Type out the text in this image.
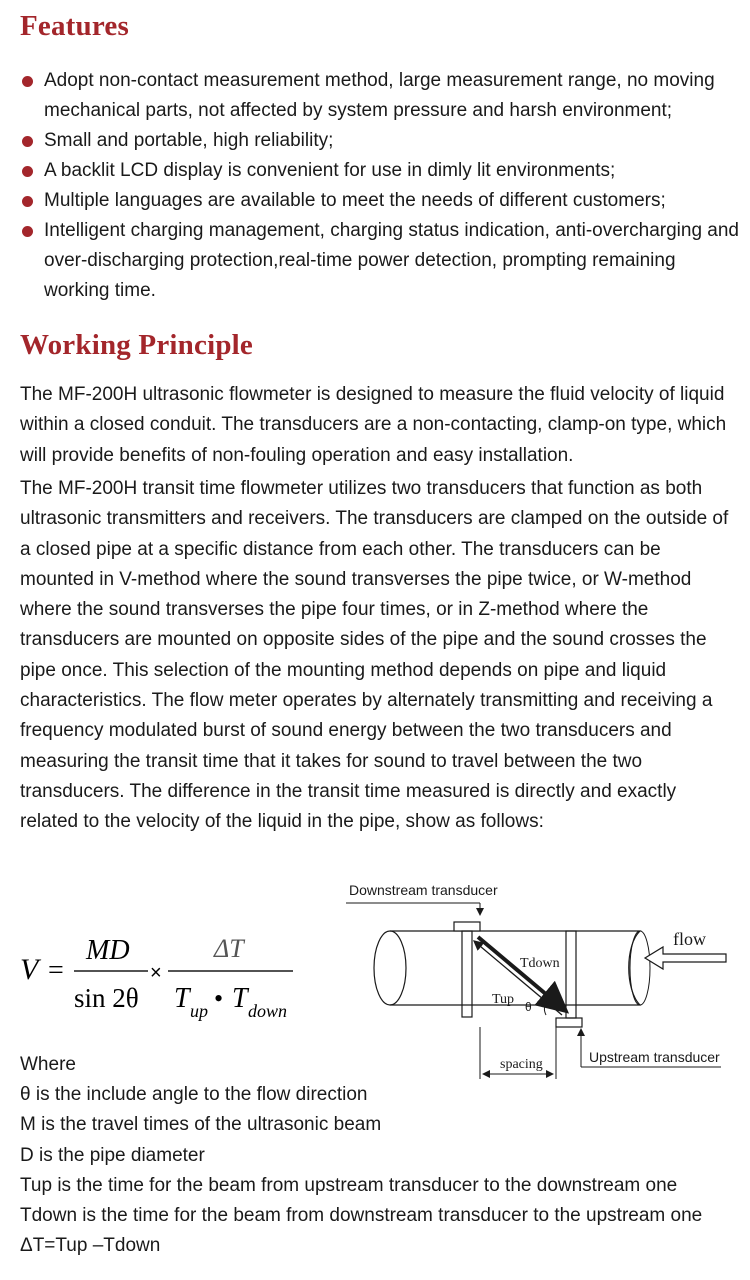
Features
Adopt non-contact measurement method, large measurement range, no moving mechanical parts, not affected by system pressure and harsh environment;
Small and portable, high reliability;
A backlit LCD display is convenient for use in dimly lit environments;
Multiple languages are available to meet the needs of different customers;
Intelligent charging management, charging status indication, anti-overcharging and over-discharging protection,real-time power detection, prompting remaining working time.
Working Principle

The MF-200H ultrasonic flowmeter is designed to measure the fluid velocity of liquid within a closed conduit. The transducers are a non-contacting, clamp-on type, which will provide benefits of non-fouling operation and easy installation.

The MF-200H transit time flowmeter utilizes two transducers that function as both ultrasonic transmitters and receivers. The transducers are clamped on the outside of a closed pipe at a specific distance from each other. The transducers can be mounted in V-method where the sound transverses the pipe twice, or W-method where the sound transverses the pipe four times, or in Z-method where the transducers are mounted on opposite sides of the pipe and the sound crosses the pipe once. This selection of the mounting method depends on pipe and liquid characteristics. The flow meter operates by alternately transmitting and receiving a frequency modulated burst of sound energy between the two transducers and measuring the transit time that it takes for sound to travel between the two transducers. The difference in the transit time measured is directly and exactly related to the velocity of the liquid in the pipe, show as follows:

V =
MD
sin 2θ
×
ΔT
T up • T down
Downstream transducer
Tdown
Tup θ
flow
spacing	Upstream transducer
Where
θ is the include angle to the flow direction
M is the travel times of the ultrasonic beam
D is the pipe diameter
Tup is the time for the beam from upstream transducer to the downstream one
Tdown is the time for the beam from downstream transducer to the upstream one
ΔT=Tup –Tdown
